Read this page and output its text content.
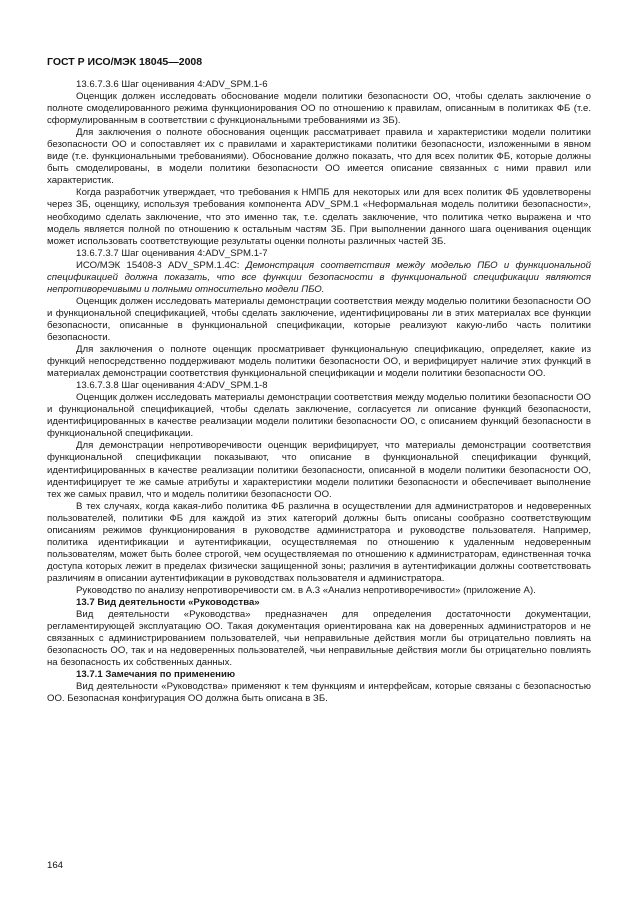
ГОСТ Р ИСО/МЭК 18045—2008

13.6.7.3.6 Шаг оценивания 4:ADV_SPM.1-6

Оценщик должен исследовать обоснование модели политики безопасности ОО, чтобы сделать заключение о полноте смоделированного режима функционирования ОО по отношению к правилам, описанным в политиках ФБ (т.е. сформулированным в соответствии с функциональными требованиями из ЗБ).

Для заключения о полноте обоснования оценщик рассматривает правила и характеристики модели политики безопасности ОО и сопоставляет их с правилами и характеристиками политики безопасности, изложенными в явном виде (т.е. функциональными требованиями). Обоснование должно показать, что для всех политик ФБ, которые должны быть смоделированы, в модели политики безопасности ОО имеется описание связанных с ними правил или характеристик.

Когда разработчик утверждает, что требования к НМПБ для некоторых или для всех политик ФБ удовлетворены через ЗБ, оценщику, используя требования компонента ADV_SPM.1 «Неформальная модель политики безопасности», необходимо сделать заключение, что это именно так, т.е. сделать заключение, что политика четко выражена и что модель является полной по отношению к остальным частям ЗБ. При выполнении данного шага оценивания оценщик может использовать соответствующие результаты оценки полноты различных частей ЗБ.

13.6.7.3.7 Шаг оценивания 4:ADV_SPM.1-7

ИСО/МЭК 15408-3 ADV_SPM.1.4C: Демонстрация соответствия между моделью ПБО и функциональной спецификацией должна показать, что все функции безопасности в функциональной спецификации являются непротиворечивыми и полными относительно модели ПБО.

Оценщик должен исследовать материалы демонстрации соответствия между моделью политики безопасности ОО и функциональной спецификацией, чтобы сделать заключение, идентифицированы ли в этих материалах все функции безопасности, описанные в функциональной спецификации, которые реализуют какую-либо часть политики безопасности.

Для заключения о полноте оценщик просматривает функциональную спецификацию, определяет, какие из функций непосредственно поддерживают модель политики безопасности ОО, и верифицирует наличие этих функций в материалах демонстрации соответствия функциональной спецификации и модели политики безопасности ОО.

13.6.7.3.8 Шаг оценивания 4:ADV_SPM.1-8

Оценщик должен исследовать материалы демонстрации соответствия между моделью политики безопасности ОО и функциональной спецификацией, чтобы сделать заключение, согласуется ли описание функций безопасности, идентифицированных в качестве реализации модели политики безопасности ОО, с описанием функций безопасности в функциональной спецификации.

Для демонстрации непротиворечивости оценщик верифицирует, что материалы демонстрации соответствия функциональной спецификации показывают, что описание в функциональной спецификации функций, идентифицированных в качестве реализации политики безопасности, описанной в модели политики безопасности ОО, идентифицирует те же самые атрибуты и характеристики модели политики безопасности и обеспечивает выполнение тех же самых правил, что и модель политики безопасности ОО.

В тех случаях, когда какая-либо политика ФБ различна в осуществлении для администраторов и недоверенных пользователей, политики ФБ для каждой из этих категорий должны быть описаны сообразно соответствующим описаниям режимов функционирования в руководстве администратора и руководстве пользователя. Например, политика идентификации и аутентификации, осуществляемая по отношению к удаленным недоверенным пользователям, может быть более строгой, чем осуществляемая по отношению к администраторам, единственная точка доступа которых лежит в пределах физически защищенной зоны; различия в аутентификации должны соответствовать различиям в описании аутентификации в руководствах пользователя и администратора.

Руководство по анализу непротиворечивости см. в А.3 «Анализ непротиворечивости» (приложение А).

13.7 Вид деятельности «Руководства»

Вид деятельности «Руководства» предназначен для определения достаточности документации, регламентирующей эксплуатацию ОО. Такая документация ориентирована как на доверенных администраторов и не связанных с администрированием пользователей, чьи неправильные действия могли бы отрицательно повлиять на безопасность ОО, так и на недоверенных пользователей, чьи неправильные действия могли бы отрицательно повлиять на безопасность их собственных данных.

13.7.1 Замечания по применению

Вид деятельности «Руководства» применяют к тем функциям и интерфейсам, которые связаны с безопасностью ОО. Безопасная конфигурация ОО должна быть описана в ЗБ.

164
